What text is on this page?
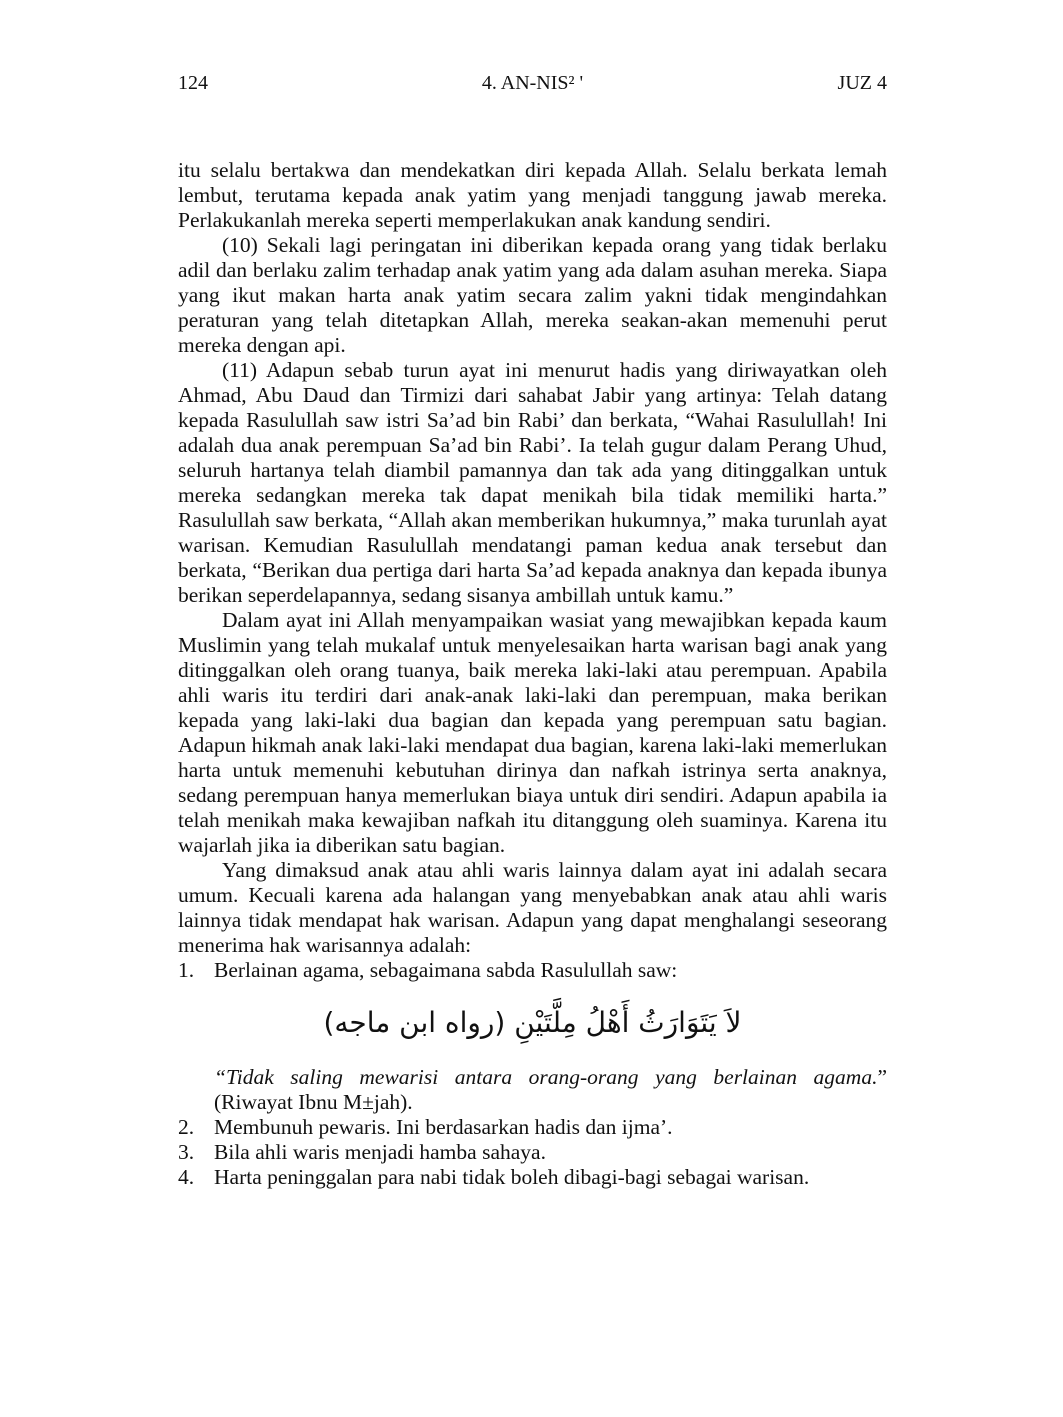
124	4. AN-NIS² '	JUZ 4

itu selalu bertakwa dan mendekatkan diri kepada Allah. Selalu berkata lemah lembut, terutama kepada anak yatim yang menjadi tanggung jawab mereka. Perlakukanlah mereka seperti memperlakukan anak kandung sendiri.

(10) Sekali lagi peringatan ini diberikan kepada orang yang tidak berlaku adil dan berlaku zalim terhadap anak yatim yang ada dalam asuhan mereka. Siapa yang ikut makan harta anak yatim secara zalim yakni tidak mengindahkan peraturan yang telah ditetapkan Allah, mereka seakan-akan memenuhi perut mereka dengan api.

(11) Adapun sebab turun ayat ini menurut hadis yang diriwayatkan oleh Ahmad, Abu Daud dan Tirmizi dari sahabat Jabir yang artinya: Telah datang kepada Rasulullah saw istri Sa’ad bin Rabi’ dan berkata, “Wahai Rasulullah! Ini adalah dua anak perempuan Sa’ad bin Rabi’. Ia telah gugur dalam Perang Uhud, seluruh hartanya telah diambil pamannya dan tak ada yang ditinggalkan untuk mereka sedangkan mereka tak dapat menikah bila tidak memiliki harta.” Rasulullah saw berkata, “Allah akan memberikan hukumnya,” maka turunlah ayat warisan. Kemudian Rasulullah mendatangi paman kedua anak tersebut dan berkata, “Berikan dua pertiga dari harta Sa’ad kepada anaknya dan kepada ibunya berikan seperdelapannya, sedang sisanya ambillah untuk kamu.”

Dalam ayat ini Allah menyampaikan wasiat yang mewajibkan kepada kaum Muslimin yang telah mukalaf untuk menyelesaikan harta warisan bagi anak yang ditinggalkan oleh orang tuanya, baik mereka laki-laki atau perempuan. Apabila ahli waris itu terdiri dari anak-anak laki-laki dan perempuan, maka berikan kepada yang laki-laki dua bagian dan kepada yang perempuan satu bagian. Adapun hikmah anak laki-laki mendapat dua bagian, karena laki-laki memerlukan harta untuk memenuhi kebutuhan dirinya dan nafkah istrinya serta anaknya, sedang perempuan hanya memerlukan biaya untuk diri sendiri. Adapun apabila ia telah menikah maka kewajiban nafkah itu ditanggung oleh suaminya. Karena itu wajarlah jika ia diberikan satu bagian.

Yang dimaksud anak atau ahli waris lainnya dalam ayat ini adalah secara umum. Kecuali karena ada halangan yang menyebabkan anak atau ahli waris lainnya tidak mendapat hak warisan. Adapun yang dapat menghalangi seseorang menerima hak warisannya adalah:

1. Berlainan agama, sebagaimana sabda Rasulullah saw:
لاَ يَتَوَارَثُ أَهْلُ مِلَّتَيْنِ (رواه ابن ماجه)
“Tidak saling mewarisi antara orang-orang yang berlainan agama.” (Riwayat Ibnu M±jah).
2. Membunuh pewaris. Ini berdasarkan hadis dan ijma’.
3. Bila ahli waris menjadi hamba sahaya.
4. Harta peninggalan para nabi tidak boleh dibagi-bagi sebagai warisan.
